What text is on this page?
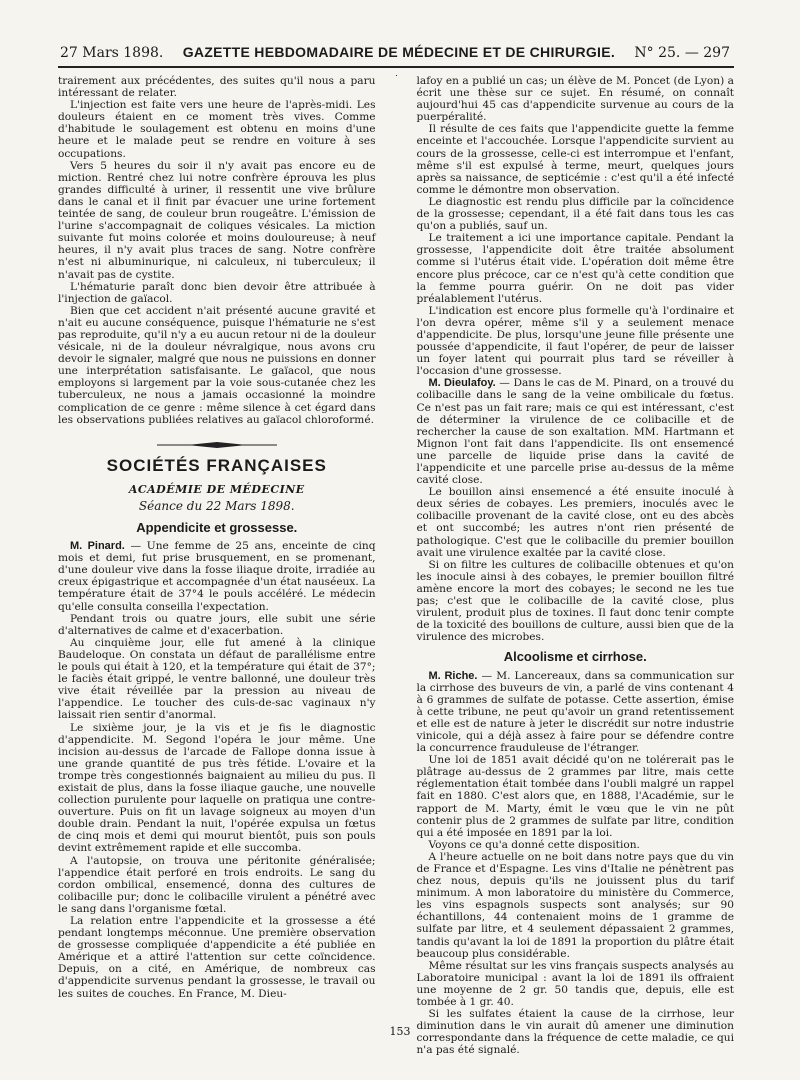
27 Mars 1898. GAZETTE HEBDOMADAIRE DE MÉDECINE ET DE CHIRURGIE. N° 25. — 297

trairement aux précédentes, des suites qu'il nous a paru intéressant de relater.

L'injection est faite vers une heure de l'après-midi. Les douleurs étaient en ce moment très vives. Comme d'habitude le soulagement est obtenu en moins d'une heure et le malade peut se rendre en voiture à ses occupations.

Vers 5 heures du soir il n'y avait pas encore eu de miction. Rentré chez lui notre confrère éprouva les plus grandes difficulté à uriner, il ressentit une vive brûlure dans le canal et il finit par évacuer une urine fortement teintée de sang, de couleur brun rougeâtre. L'émission de l'urine s'accompagnait de coliques vésicales. La miction suivante fut moins colorée et moins douloureuse; à neuf heures, il n'y avait plus traces de sang. Notre confrère n'est ni albuminurique, ni calculeux, ni tuberculeux; il n'avait pas de cystite.

L'hématurie paraît donc bien devoir être attribuée à l'injection de gaïacol.

Bien que cet accident n'ait présenté aucune gravité et n'ait eu aucune conséquence, puisque l'hématurie ne s'est pas reproduite, qu'il n'y a eu aucun retour ni de la douleur vésicale, ni de la douleur névralgique, nous avons cru devoir le signaler, malgré que nous ne puissions en donner une interprétation satisfaisante. Le gaïacol, que nous employons si largement par la voie sous-cutanée chez les tuberculeux, ne nous a jamais occasionné la moindre complication de ce genre : même silence à cet égard dans les observations publiées relatives au gaïacol chloroformé.

SOCIÉTÉS FRANÇAISES
ACADÉMIE DE MÉDECINE
Séance du 22 Mars 1898.
Appendicite et grossesse.

M. Pinard. — Une femme de 25 ans, enceinte de cinq mois et demi, fut prise brusquement, en se promenant, d'une douleur vive dans la fosse iliaque droite, irradiée au creux épigastrique et accompagnée d'un état nauséeux. La température était de 37°4 le pouls accéléré. Le médecin qu'elle consulta conseilla l'expectation.

Pendant trois ou quatre jours, elle subit une série d'alternatives de calme et d'exacerbation.

Au cinquième jour, elle fut amené à la clinique Baudeloque. On constata un défaut de parallélisme entre le pouls qui était à 120, et la température qui était de 37°; le faciès était grippé, le ventre ballonné, une douleur très vive était réveillée par la pression au niveau de l'appendice. Le toucher des culs-de-sac vaginaux n'y laissait rien sentir d'anormal.

Le sixième jour, je la vis et je fis le diagnostic d'appendicite. M. Segond l'opéra le jour même. Une incision au-dessus de l'arcade de Fallope donna issue à une grande quantité de pus très fétide. L'ovaire et la trompe très congestionnés baignaient au milieu du pus. Il existait de plus, dans la fosse iliaque gauche, une nouvelle collection purulente pour laquelle on pratiqua une contre-ouverture. Puis on fit un lavage soigneux au moyen d'un double drain. Pendant la nuit, l'opérée expulsa un fœtus de cinq mois et demi qui mourut bientôt, puis son pouls devint extrêmement rapide et elle succomba.

A l'autopsie, on trouva une péritonite généralisée; l'appendice était perforé en trois endroits. Le sang du cordon ombilical, ensemencé, donna des cultures de colibacille pur; donc le colibacille virulent a pénétré avec le sang dans l'organisme fœtal.

La relation entre l'appendicite et la grossesse a été pendant longtemps méconnue. Une première observation de grossesse compliquée d'appendicite a été publiée en Amérique et a attiré l'attention sur cette coïncidence. Depuis, on a cité, en Amérique, de nombreux cas d'appendicite survenus pendant la grossesse, le travail ou les suites de couches. En France, M. Dieu-

lafoy en a publié un cas; un élève de M. Poncet (de Lyon) a écrit une thèse sur ce sujet. En résumé, on connaît aujourd'hui 45 cas d'appendicite survenue au cours de la puerpéralité.

Il résulte de ces faits que l'appendicite guette la femme enceinte et l'accouchée. Lorsque l'appendicite survient au cours de la grossesse, celle-ci est interrompue et l'enfant, même s'il est expulsé à terme, meurt, quelques jours après sa naissance, de septicémie : c'est qu'il a été infecté comme le démontre mon observation.

Le diagnostic est rendu plus difficile par la coïncidence de la grossesse; cependant, il a été fait dans tous les cas qu'on a publiés, sauf un.

Le traitement a ici une importance capitale. Pendant la grossesse, l'appendicite doit être traitée absolument comme si l'utérus était vide. L'opération doit même être encore plus précoce, car ce n'est qu'à cette condition que la femme pourra guérir. On ne doit pas vider préalablement l'utérus.

L'indication est encore plus formelle qu'à l'ordinaire et l'on devra opérer, même s'il y a seulement menace d'appendicite. De plus, lorsqu'une jeune fille présente une poussée d'appendicite, il faut l'opérer, de peur de laisser un foyer latent qui pourrait plus tard se réveiller à l'occasion d'une grossesse.

M. Dieulafoy. — Dans le cas de M. Pinard, on a trouvé du colibacille dans le sang de la veine ombilicale du fœtus. Ce n'est pas un fait rare; mais ce qui est intéressant, c'est de déterminer la virulence de ce colibacille et de rechercher la cause de son exaltation. MM. Hartmann et Mignon l'ont fait dans l'appendicite. Ils ont ensemencé une parcelle de liquide prise dans la cavité de l'appendicite et une parcelle prise au-dessus de la même cavité close.

Le bouillon ainsi ensemencé a été ensuite inoculé à deux séries de cobayes. Les premiers, inoculés avec le colibacille provenant de la cavité close, ont eu des abcès et ont succombé; les autres n'ont rien présenté de pathologique. C'est que le colibacille du premier bouillon avait une virulence exaltée par la cavité close.

Si on filtre les cultures de colibacille obtenues et qu'on les inocule ainsi à des cobayes, le premier bouillon filtré amène encore la mort des cobayes; le second ne les tue pas; c'est que le colibacille de la cavité close, plus virulent, produit plus de toxines. Il faut donc tenir compte de la toxicité des bouillons de culture, aussi bien que de la virulence des microbes.

Alcoolisme et cirrhose.

M. Riche. — M. Lancereaux, dans sa communication sur la cirrhose des buveurs de vin, a parlé de vins contenant 4 à 6 grammes de sulfate de potasse. Cette assertion, émise à cette tribune, ne peut qu'avoir un grand retentissement et elle est de nature à jeter le discrédit sur notre industrie vinicole, qui a déjà assez à faire pour se défendre contre la concurrence frauduleuse de l'étranger.

Une loi de 1851 avait décidé qu'on ne tolérerait pas le plâtrage au-dessus de 2 grammes par litre, mais cette réglementation était tombée dans l'oubli malgré un rappel fait en 1880. C'est alors que, en 1888, l'Académie, sur le rapport de M. Marty, émit le vœu que le vin ne pût contenir plus de 2 grammes de sulfate par litre, condition qui a été imposée en 1891 par la loi.

Voyons ce qu'a donné cette disposition.

A l'heure actuelle on ne boit dans notre pays que du vin de France et d'Espagne. Les vins d'Italie ne pénètrent pas chez nous, depuis qu'ils ne jouissent plus du tarif minimum. A mon laboratoire du ministère du Commerce, les vins espagnols suspects sont analysés; sur 90 échantillons, 44 contenaient moins de 1 gramme de sulfate par litre, et 4 seulement dépassaient 2 grammes, tandis qu'avant la loi de 1891 la proportion du plâtre était beaucoup plus considérable.

Même résultat sur les vins français suspects analysés au Laboratoire municipal : avant la loi de 1891 ils offraient une moyenne de 2 gr. 50 tandis que, depuis, elle est tombée à 1 gr. 40.

Si les sulfates étaient la cause de la cirrhose, leur diminution dans le vin aurait dû amener une diminution correspondante dans la fréquence de cette maladie, ce qui n'a pas été signalé.

153
